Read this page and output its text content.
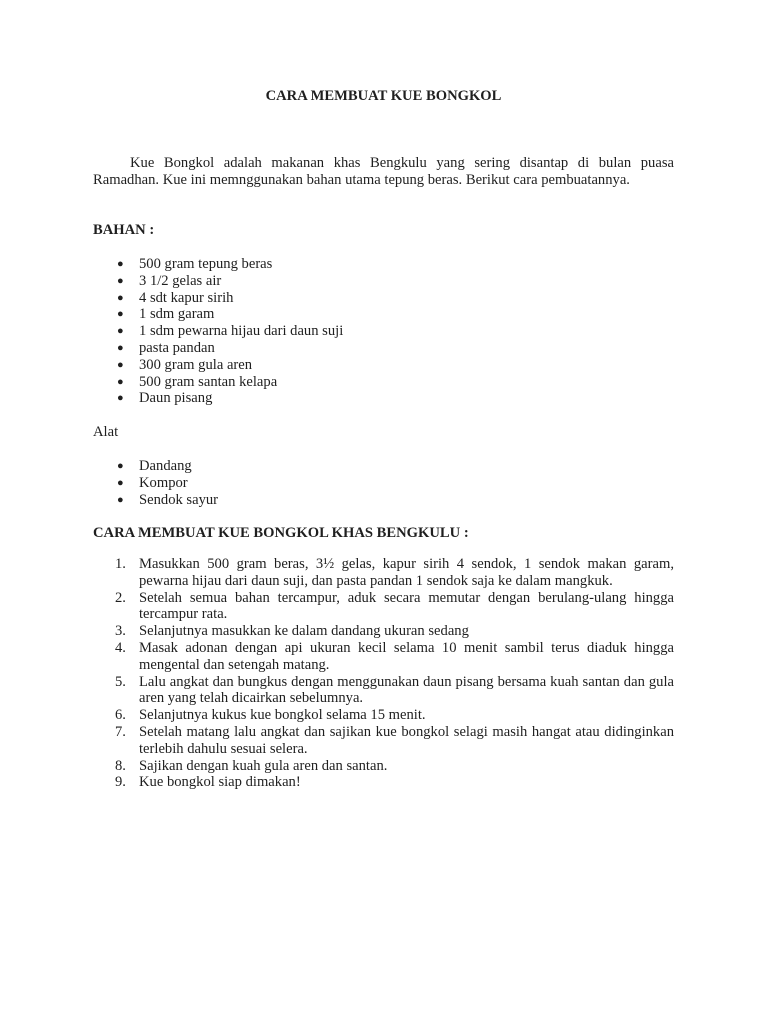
CARA MEMBUAT KUE BONGKOL

Kue Bongkol adalah makanan khas Bengkulu yang sering disantap di bulan puasa Ramadhan. Kue ini memnggunakan bahan utama tepung beras. Berikut cara pembuatannya.

BAHAN :
● 500 gram tepung beras
● 3 1/2 gelas air
● 4 sdt kapur sirih
● 1 sdm garam
● 1 sdm pewarna hijau dari daun suji
● pasta pandan
● 300 gram gula aren
● 500 gram santan kelapa
● Daun pisang
Alat
● Dandang
● Kompor
● Sendok sayur
CARA MEMBUAT KUE BONGKOL KHAS BENGKULU :
1. Masukkan 500 gram beras, 3½ gelas, kapur sirih 4 sendok, 1 sendok makan garam, pewarna hijau dari daun suji, dan pasta pandan 1 sendok saja ke dalam mangkuk.
2. Setelah semua bahan tercampur, aduk secara memutar dengan berulang-ulang hingga tercampur rata.
3. Selanjutnya masukkan ke dalam dandang ukuran sedang
4. Masak adonan dengan api ukuran kecil selama 10 menit sambil terus diaduk hingga mengental dan setengah matang.
5. Lalu angkat dan bungkus dengan menggunakan daun pisang bersama kuah santan dan gula aren yang telah dicairkan sebelumnya.
6. Selanjutnya kukus kue bongkol selama 15 menit.
7. Setelah matang lalu angkat dan sajikan kue bongkol selagi masih hangat atau didinginkan terlebih dahulu sesuai selera.
8. Sajikan dengan kuah gula aren dan santan.
9. Kue bongkol siap dimakan!
